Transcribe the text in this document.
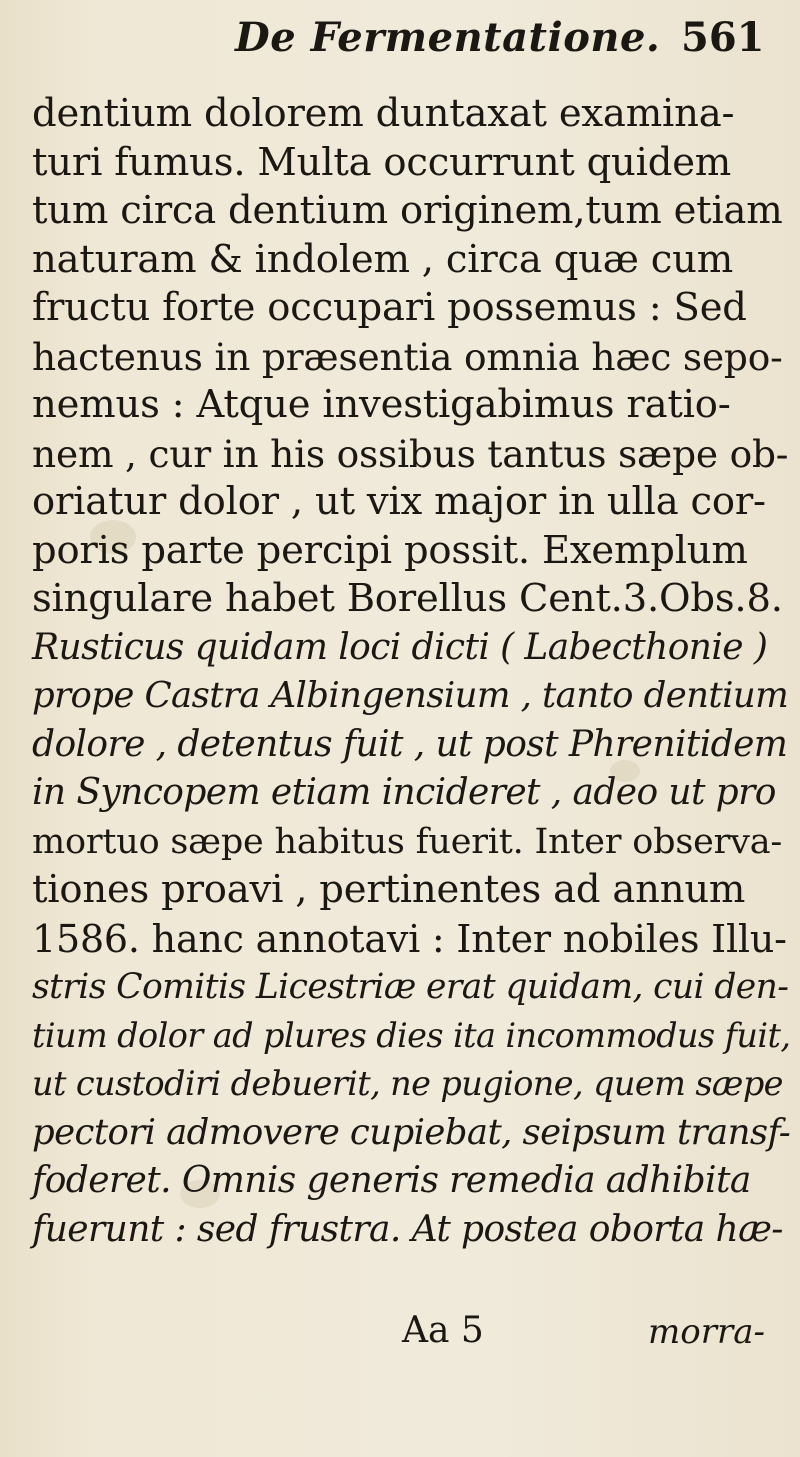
De Fermentatione. 561
dentium dolorem duntaxat examina-
turi fumus. Multa occurrunt quidem
tum circa dentium originem,tum etiam
naturam & indolem , circa quæ cum
fructu forte occupari possemus : Sed
hactenus in præsentia omnia hæc sepo-
nemus : Atque investigabimus ratio-
nem , cur in his ossibus tantus sæpe ob-
oriatur dolor , ut vix major in ulla cor-
poris parte percipi possit. Exemplum
singulare habet Borellus Cent.3.Obs.8.
Rusticus quidam loci dicti ( Labecthonie )
prope Castra Albingensium , tanto dentium
dolore , detentus fuit , ut post Phrenitidem
in Syncopem etiam incideret , adeo ut pro
mortuo sæpe habitus fuerit. Inter observa-
tiones proavi , pertinentes ad annum
1586. hanc annotavi : Inter nobiles Illu-
stris Comitis Licestriæ erat quidam, cui den-
tium dolor ad plures dies ita incommodus fuit,
ut custodiri debuerit, ne pugione, quem sæpe
pectori admovere cupiebat, seipsum transf-
foderet. Omnis generis remedia adhibita
fuerunt : sed frustra. At postea oborta hæ-
Aa 5	morra-
